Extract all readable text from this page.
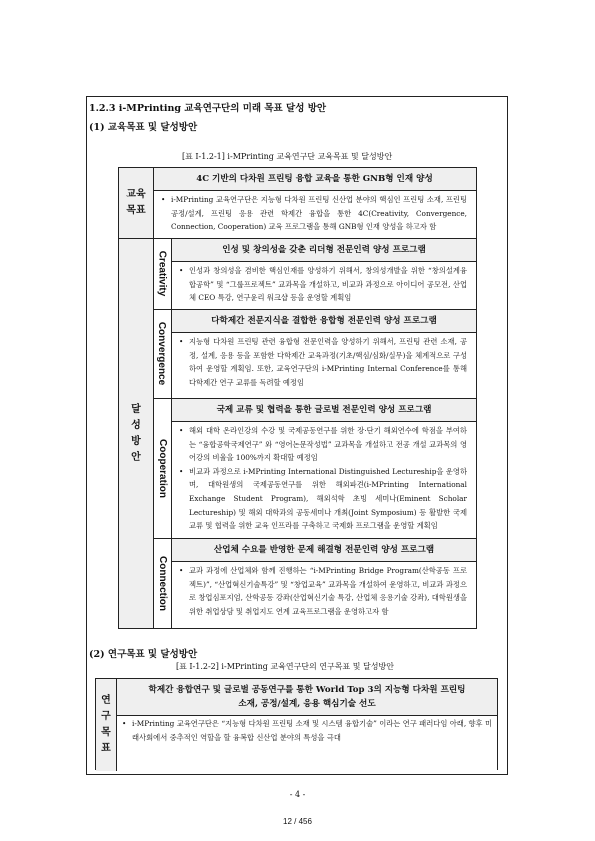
1.2.3 i-MPrinting 교육연구단의 미래 목표 달성 방안
(1) 교육목표 및 달성방안
[표 I-1.2-1] i-MPrinting 교육연구단 교육목표 및 달성방안
4C 기반의 다차원 프린팅 융합 교육을 통한 GNB형 인재 양성
교육
목표

• i-MPrinting 교육연구단은 지능형 다차원 프린팅 신산업 분야의 핵심인 프린팅 소재, 프린팅 공정/설계, 프린팅 응용 관련 학제간 융합을 통한 4C(Creativity, Convergence, Connection, Cooperation) 교육 프로그램을 통해 GNB형 인재 양성을 하고자 함

달
성
방
안
Creativity
인성 및 창의성을 갖춘 리더형 전문인력 양성 프로그램

• 인성과 창의성을 겸비한 핵심인재를 양성하기 위해서, 창의성개발을 위한 “창의설계융합공학” 및 “그룹프로젝트” 교과목을 개설하고, 비교과 과정으로 아이디어 공모전, 산업체 CEO 특강, 연구윤리 워크샵 등을 운영할 계획임

Convergence
다학제간 전문지식을 결합한 융합형 전문인력 양성 프로그램

• 지능형 다차원 프린팅 관련 융합형 전문인력을 양성하기 위해서, 프린팅 관련 소재, 공정, 설계, 응용 등을 포함한 다학제간 교육과정(기초/핵심/심화/실무)을 체계적으로 구성하여 운영할 계획임. 또한, 교육연구단의 i-MPrinting Internal Conference를 통해 다학제간 연구 교류를 독려할 예정임

Cooperation
국제 교류 및 협력을 통한 글로벌 전문인력 양성 프로그램

• 해외 대학 온라인강의 수강 및 국제공동연구를 위한 장·단기 해외연수에 학점을 부여하는 “융합공학국제연구” 와 “영어논문작성법” 교과목을 개설하고 전공 개설 교과목의 영어강의 비율을 100%까지 확대할 예정임

• 비교과 과정으로 i-MPrinting International Distinguished Lectureship을 운영하며, 대학원생의 국제공동연구를 위한 해외파견(i-MPrinting International Exchange Student Program), 해외석학 초빙 세미나(Eminent Scholar Lectureship) 및 해외 대학과의 공동세미나 개최(Joint Symposium) 등 활발한 국제교류 및 협력을 위한 교육 인프라를 구축하고 국제화 프로그램을 운영할 계획임

Connection
산업체 수요를 반영한 문제 해결형 전문인력 양성 프로그램

• 교과 과정에 산업체와 함께 진행하는 “i-MPrinting Bridge Program(산학공동 프로젝트)”, “산업혁신기술특강” 및 “창업교육” 교과목을 개설하여 운영하고, 비교과 과정으로 창업심포지엄, 산학공동 강좌(산업혁신기술 특강, 산업체 응용기술 강좌), 대학원생을 위한 취업상담 및 취업지도 연계 교육프로그램을 운영하고자 함

(2) 연구목표 및 달성방안
[표 I-1.2-2] i-MPrinting 교육연구단의 연구목표 및 달성방안
연
구
목
표
학제간 융합연구 및 글로벌 공동연구를 통한 World Top 3의 지능형 다차원 프린팅
소재, 공정/설계, 응용 핵심기술 선도

• i-MPrinting 교육연구단은 “지능형 다차원 프린팅 소재 및 시스템 융합기술” 이라는 연구 패러다임 아래, 향후 미래사회에서 중추적인 역할을 할 융복합 신산업 분야의 특성을 극대

- 4 -
12 / 456
